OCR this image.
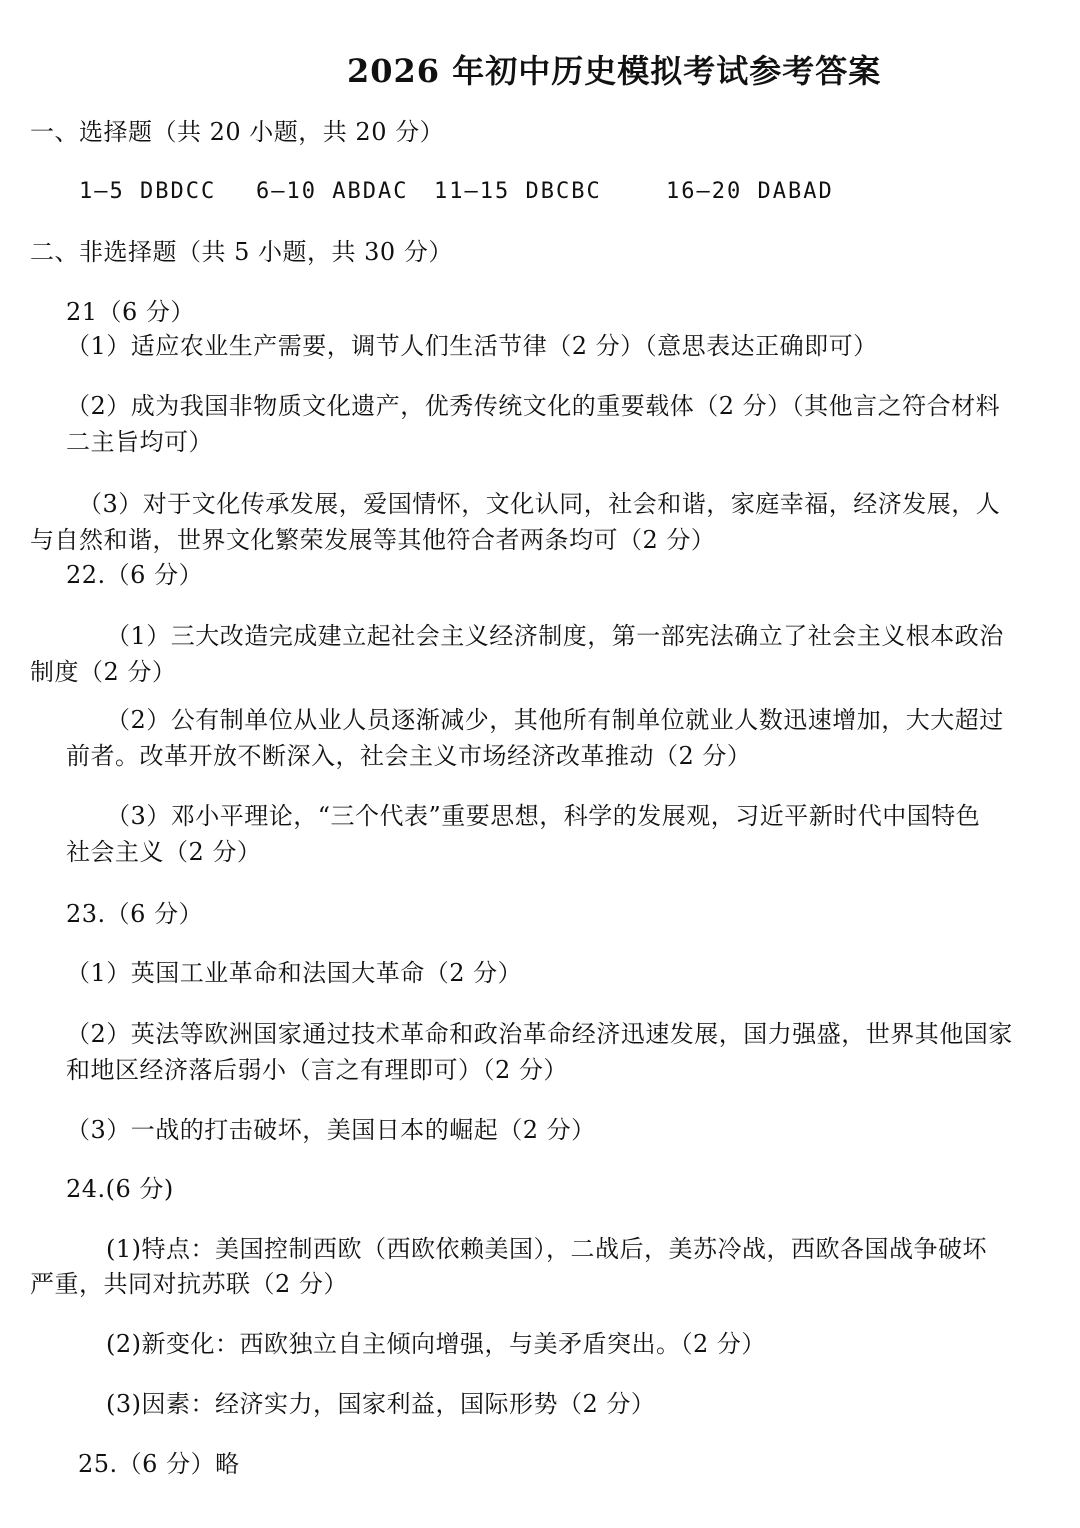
2026 年初中历史模拟考试参考答案
一、选择题（共 20 小题，共 20 分）
1—5 DBDCC 6—10 ABDAC 11—15 DBCBC	16—20 DABAD
二、非选择题（共 5 小题，共 30 分）
21（6 分）
（1）适应农业生产需要，调节人们生活节律（2 分）（意思表达正确即可）
（2）成为我国非物质文化遗产，优秀传统文化的重要载体（2 分）（其他言之符合材料
二主旨均可）
（3）对于文化传承发展，爱国情怀，文化认同，社会和谐，家庭幸福，经济发展，人
与自然和谐，世界文化繁荣发展等其他符合者两条均可（2 分）
22.（6 分）
（1）三大改造完成建立起社会主义经济制度，第一部宪法确立了社会主义根本政治
制度（2 分）
（2）公有制单位从业人员逐渐减少，其他所有制单位就业人数迅速增加，大大超过
前者。改革开放不断深入，社会主义市场经济改革推动（2 分）
（3）邓小平理论，“三个代表”重要思想，科学的发展观，习近平新时代中国特色
社会主义（2 分）
23.（6 分）
（1）英国工业革命和法国大革命（2 分）
（2）英法等欧洲国家通过技术革命和政治革命经济迅速发展，国力强盛，世界其他国家
和地区经济落后弱小（言之有理即可）（2 分）
（3）一战的打击破坏，美国日本的崛起（2 分）
24.(6 分)
(1)特点：美国控制西欧（西欧依赖美国），二战后，美苏冷战，西欧各国战争破坏
严重，共同对抗苏联（2 分）
(2)新变化：西欧独立自主倾向增强，与美矛盾突出。（2 分）
(3)因素：经济实力，国家利益，国际形势（2 分）
25.（6 分）略
